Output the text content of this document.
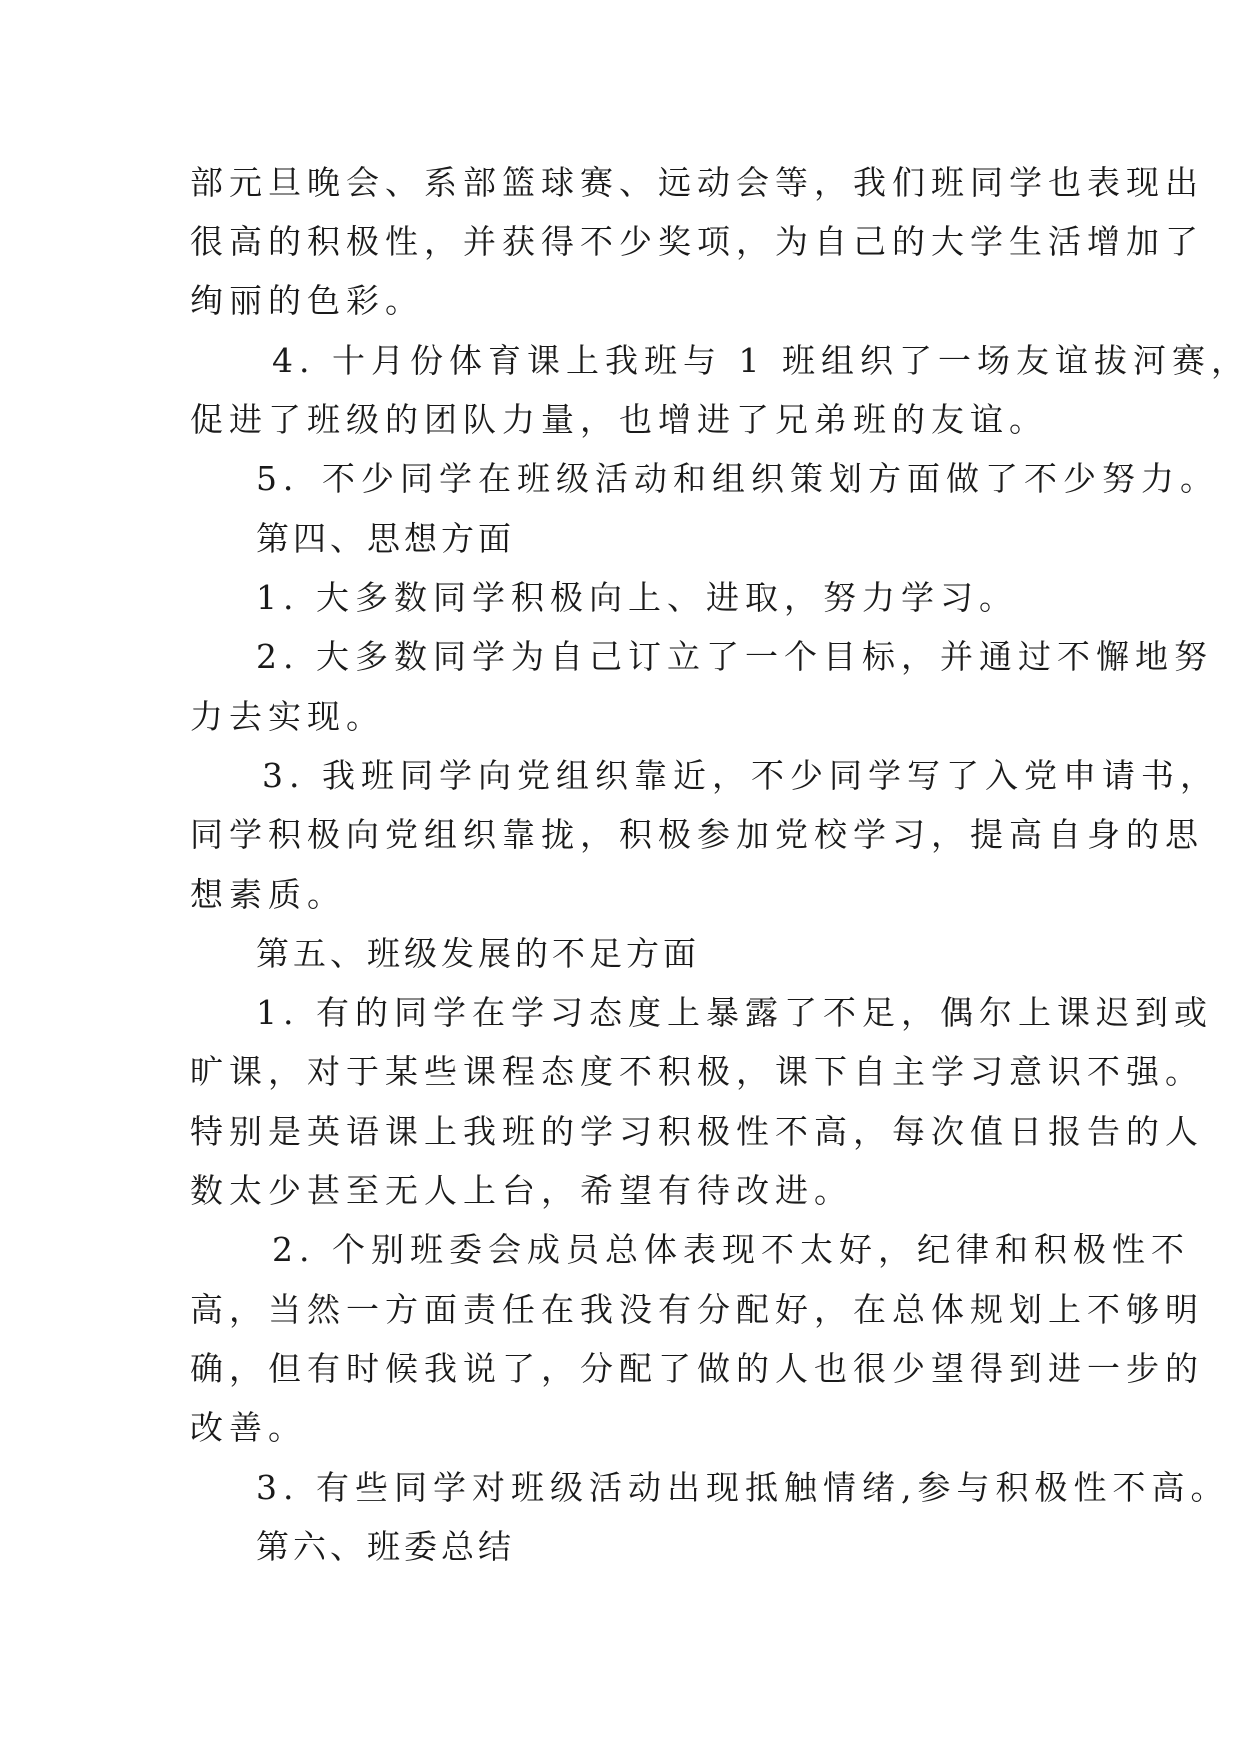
部元旦晚会、系部篮球赛、远动会等，我们班同学也表现出
很高的积极性，并获得不少奖项，为自己的大学生活增加了
绚丽的色彩。
4. 十月份体育课上我班与 1 班组织了一场友谊拔河赛，
促进了班级的团队力量，也增进了兄弟班的友谊。
5．不少同学在班级活动和组织策划方面做了不少努力。
第四、思想方面
1. 大多数同学积极向上、进取，努力学习。
2. 大多数同学为自己订立了一个目标，并通过不懈地努
力去实现。
3. 我班同学向党组织靠近，不少同学写了入党申请书，
同学积极向党组织靠拢，积极参加党校学习，提高自身的思
想素质。
第五、班级发展的不足方面
1. 有的同学在学习态度上暴露了不足，偶尔上课迟到或
旷课，对于某些课程态度不积极，课下自主学习意识不强。
特别是英语课上我班的学习积极性不高，每次值日报告的人
数太少甚至无人上台，希望有待改进。
2. 个别班委会成员总体表现不太好，纪律和积极性不
高，当然一方面责任在我没有分配好，在总体规划上不够明
确，但有时候我说了，分配了做的人也很少望得到进一步的
改善。
3. 有些同学对班级活动出现抵触情绪,参与积极性不高。
第六、班委总结
